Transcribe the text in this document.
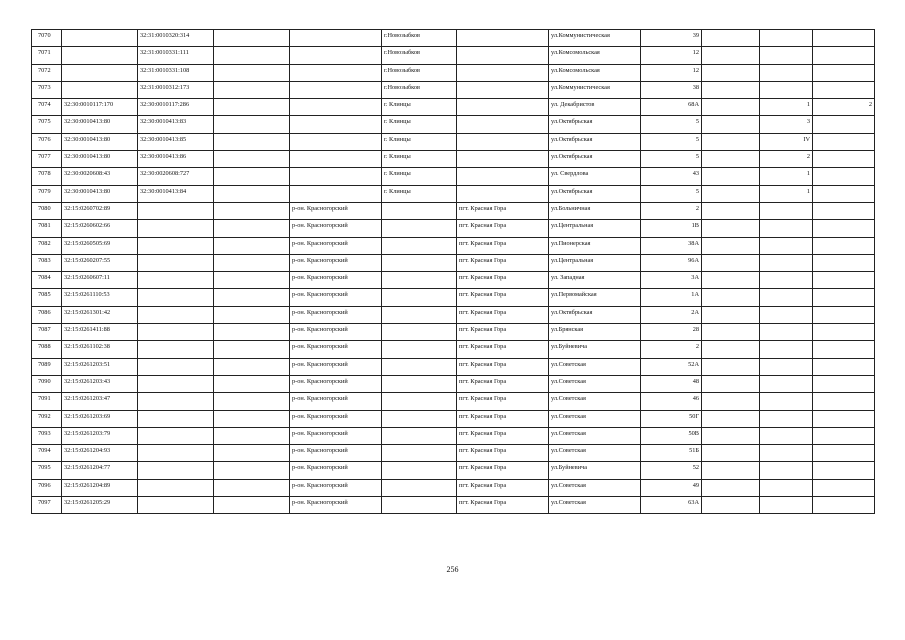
7070		32:31:0010320:314			г.Новозыбков		ул.Коммунистическая	39			
7071		32:31:0010331:111			г.Новозыбков		ул.Комсомольская	12			
7072		32:31:0010331:108			г.Новозыбков		ул.Комсомольская	12			
7073		32:31:0010312:173			г.Новозыбков		ул.Коммунистическая	38			
7074	32:30:0010117:170	32:30:0010117:286			г. Клинцы		ул. Декабристов	68А		1	2
7075	32:30:0010413:80	32:30:0010413:83			г. Клинцы		ул.Октябрьская	5		3	
7076	32:30:0010413:80	32:30:0010413:85			г. Клинцы		ул.Октябрьская	5		IV	
7077	32:30:0010413:80	32:30:0010413:86			г. Клинцы		ул.Октябрьская	5		2	
7078	32:30:0020608:43	32:30:0020608:727			г. Клинцы		ул. Свердлова	43		1	
7079	32:30:0010413:80	32:30:0010413:84			г. Клинцы		ул.Октябрьская	5		1	
7080	32:15:0260702:89			р-он. Красногорский		пгт. Красная Гора	ул.Больничная	2			
7081	32:15:0260602:66			р-он. Красногорский		пгт. Красная Гора	ул.Центральная	1В			
7082	32:15:0260505:69			р-он. Красногорский		пгт. Красная Гора	ул.Пионерская	38А			
7083	32:15:0260207:55			р-он. Красногорский		пгт. Красная Гора	ул.Центральная	96А			
7084	32:15:0260607:11			р-он. Красногорский		пгт. Красная Гора	ул. Западная	3А			
7085	32:15:0261110:53			р-он. Красногорский		пгт. Красная Гора	ул.Первомайская	1А			
7086	32:15:0261301:42			р-он. Красногорский		пгт. Красная Гора	ул.Октябрьская	2А			
7087	32:15:0261411:88			р-он. Красногорский		пгт. Красная Гора	ул.Брянская	28			
7088	32:15:0261102:38			р-он. Красногорский		пгт. Красная Гора	ул.Буйневича	2			
7089	32:15:0261203:51			р-он. Красногорский		пгт. Красная Гора	ул.Советская	52А			
7090	32:15:0261203:43			р-он. Красногорский		пгт. Красная Гора	ул.Советская	48			
7091	32:15:0261203:47			р-он. Красногорский		пгт. Красная Гора	ул.Советская	46			
7092	32:15:0261203:69			р-он. Красногорский		пгт. Красная Гора	ул.Советская	50Г			
7093	32:15:0261203:79			р-он. Красногорский		пгт. Красная Гора	ул.Советская	50В			
7094	32:15:0261204:93			р-он. Красногорский		пгт. Красная Гора	ул.Советская	51Б			
7095	32:15:0261204:77			р-он. Красногорский		пгт. Красная Гора	ул.Буйневича	52			
7096	32:15:0261204:89			р-он. Красногорский		пгт. Красная Гора	ул.Советская	49			
7097	32:15:0261205:29			р-он. Красногорский		пгт. Красная Гора	ул.Советская	63А			
256
